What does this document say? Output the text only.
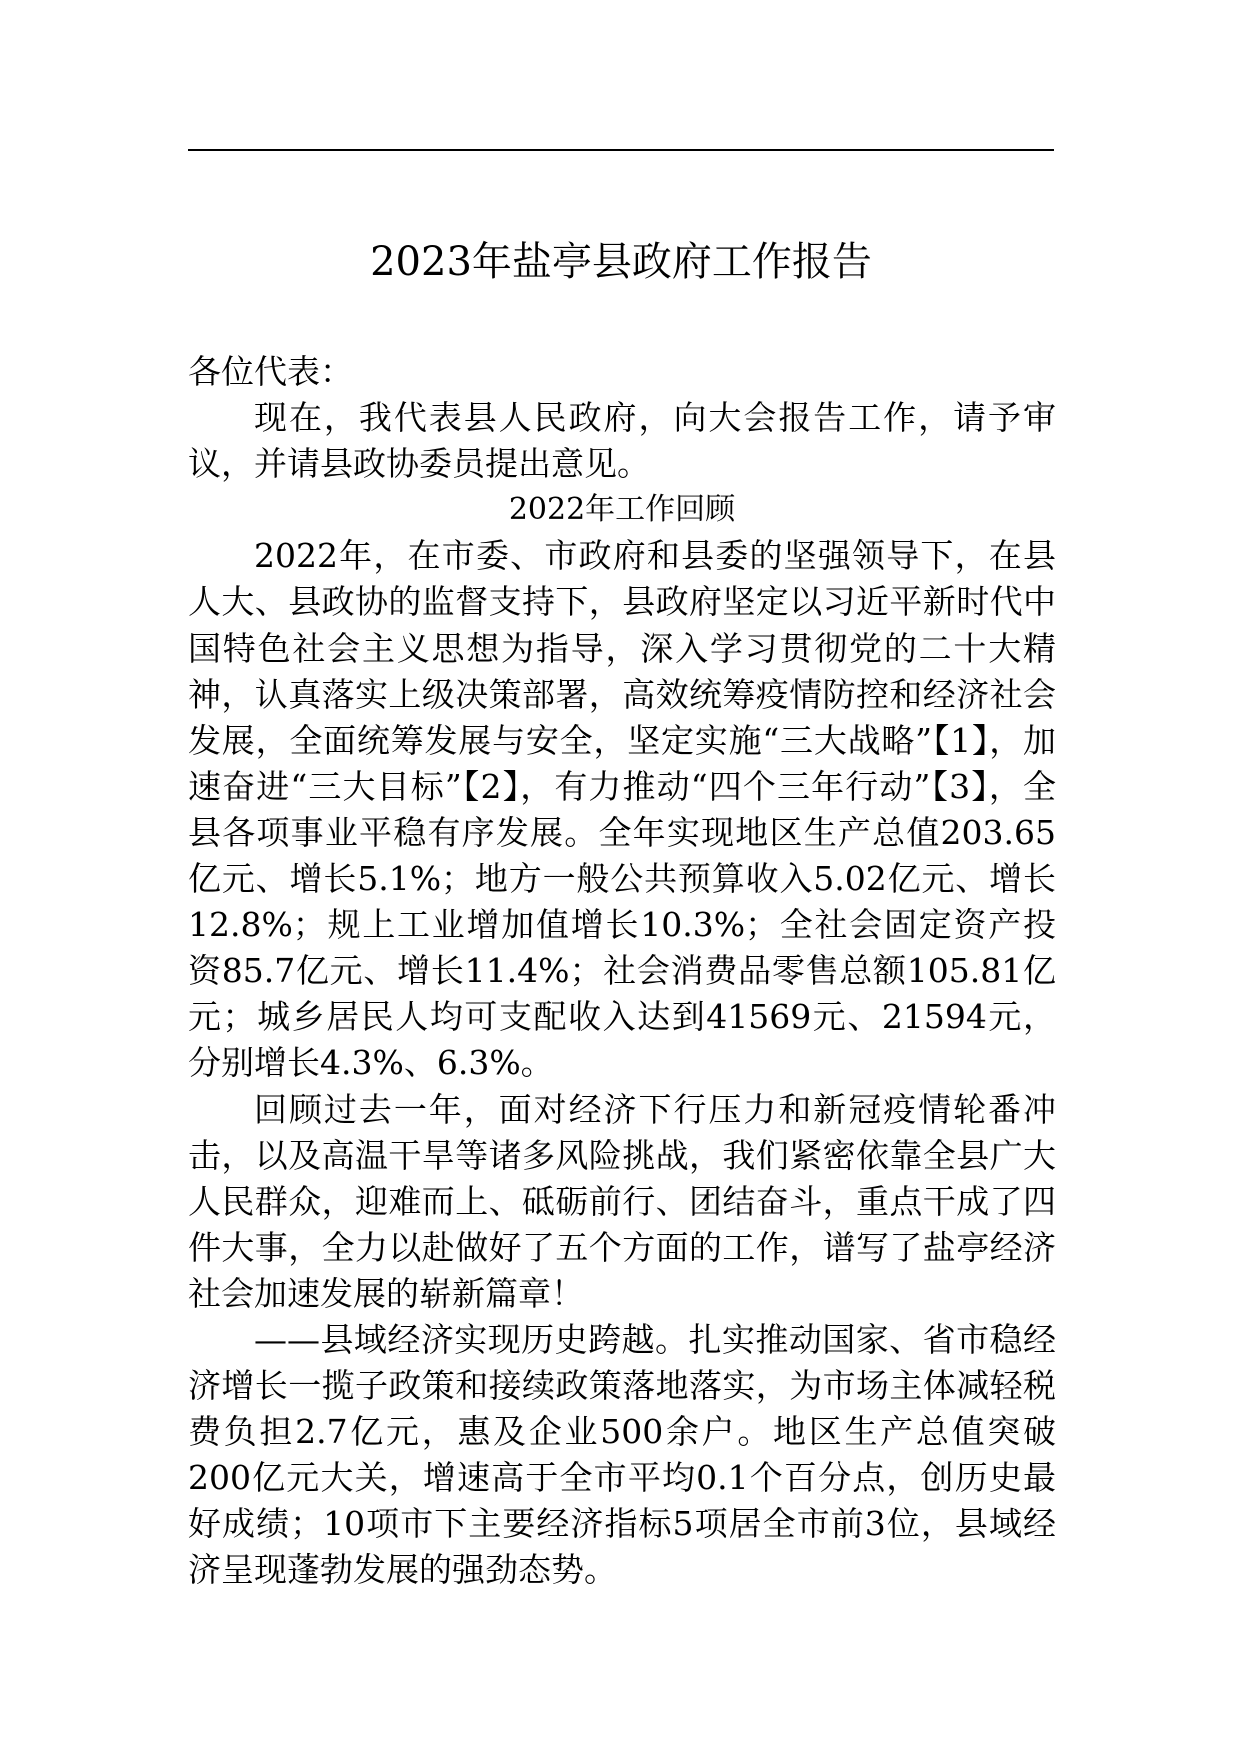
2023年盐亭县政府工作报告

各位代表：

现在，我代表县人民政府，向大会报告工作，请予审议，并请县政协委员提出意见。

2022年工作回顾

2022年，在市委、市政府和县委的坚强领导下，在县人大、县政协的监督支持下，县政府坚定以习近平新时代中国特色社会主义思想为指导，深入学习贯彻党的二十大精神，认真落实上级决策部署，高效统筹疫情防控和经济社会发展，全面统筹发展与安全，坚定实施“三大战略”【1】，加速奋进“三大目标”【2】，有力推动“四个三年行动”【3】，全县各项事业平稳有序发展。全年实现地区生产总值203.65亿元、增长5.1%；地方一般公共预算收入5.02亿元、增长12.8%；规上工业增加值增长10.3%；全社会固定资产投资85.7亿元、增长11.4%；社会消费品零售总额105.81亿元；城乡居民人均可支配收入达到41569元、21594元，分别增长4.3%、6.3%。

回顾过去一年，面对经济下行压力和新冠疫情轮番冲击，以及高温干旱等诸多风险挑战，我们紧密依靠全县广大人民群众，迎难而上、砥砺前行、团结奋斗，重点干成了四件大事，全力以赴做好了五个方面的工作，谱写了盐亭经济社会加速发展的崭新篇章！

——县域经济实现历史跨越。扎实推动国家、省市稳经济增长一揽子政策和接续政策落地落实，为市场主体减轻税费负担2.7亿元，惠及企业500余户。地区生产总值突破200亿元大关，增速高于全市平均0.1个百分点，创历史最好成绩；10项市下主要经济指标5项居全市前3位，县域经济呈现蓬勃发展的强劲态势。
